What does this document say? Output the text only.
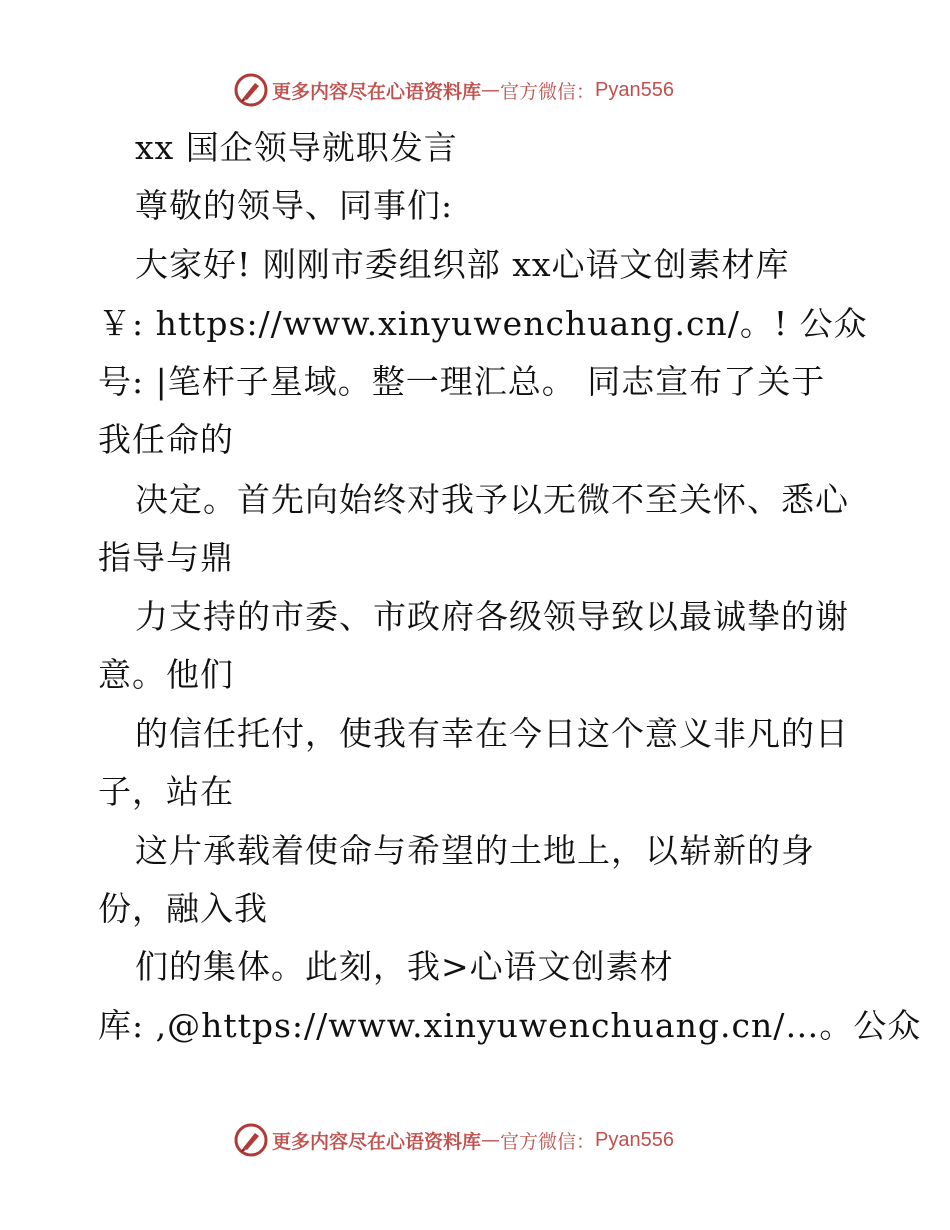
更多内容尽在心语资料库 — 官方微信： Pyan556
xx 国企领导就职发言
尊敬的领导、同事们:
大家好! 刚刚市委组织部 xx心语文创素材库
￥: https://www.xinyuwenchuang.cn/。! 公众
号: |笔杆子星域。整一理汇总。 同志宣布了关于
我任命的
决定。首先向始终对我予以无微不至关怀、悉心
指导与鼎
力支持的市委、市政府各级领导致以最诚挚的谢
意。他们
的信任托付，使我有幸在今日这个意义非凡的日
子，站在
这片承载着使命与希望的土地上，以崭新的身
份，融入我
们的集体。此刻，我>心语文创素材
库: ,@https://www.xinyuwenchuang.cn/…。公众
更多内容尽在心语资料库 — 官方微信： Pyan556
